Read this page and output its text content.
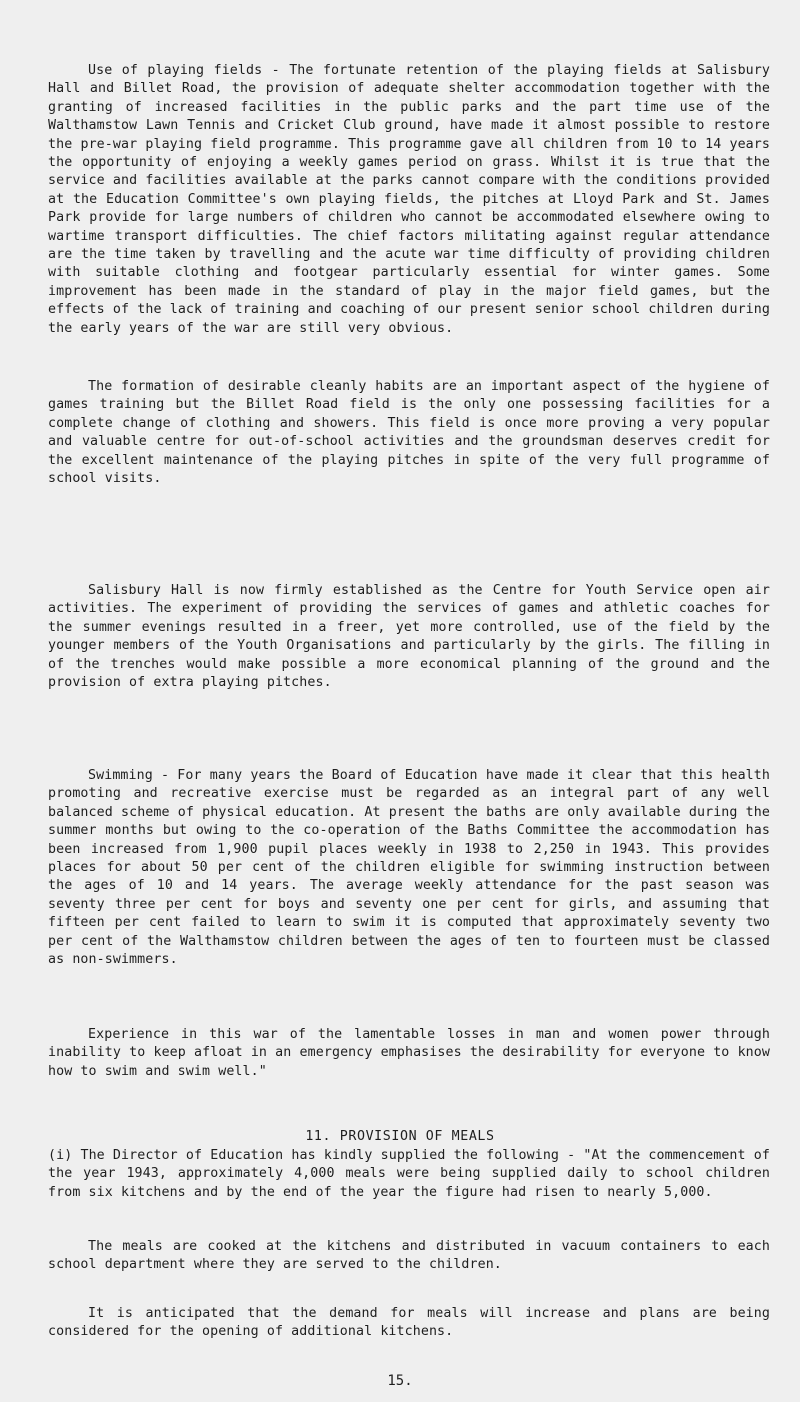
Use of playing fields - The fortunate retention of the playing fields at Salisbury Hall and Billet Road, the provision of adequate shelter accommodation together with the granting of increased facilities in the public parks and the part time use of the Walthamstow Lawn Tennis and Cricket Club ground, have made it almost possible to restore the pre-war playing field programme. This programme gave all children from 10 to 14 years the opportunity of enjoying a weekly games period on grass. Whilst it is true that the service and facilities available at the parks cannot compare with the conditions provided at the Education Committee's own playing fields, the pitches at Lloyd Park and St. James Park provide for large numbers of children who cannot be accommodated elsewhere owing to wartime transport difficulties. The chief factors militating against regular attendance are the time taken by travelling and the acute war time difficulty of providing children with suitable clothing and footgear particularly essential for winter games. Some improvement has been made in the standard of play in the major field games, but the effects of the lack of training and coaching of our present senior school children during the early years of the war are still very obvious.

The formation of desirable cleanly habits are an important aspect of the hygiene of games training but the Billet Road field is the only one possessing facilities for a complete change of clothing and showers. This field is once more proving a very popular and valuable centre for out-of-school activities and the groundsman deserves credit for the excellent maintenance of the playing pitches in spite of the very full programme of school visits.

Salisbury Hall is now firmly established as the Centre for Youth Service open air activities. The experiment of providing the services of games and athletic coaches for the summer evenings resulted in a freer, yet more controlled, use of the field by the younger members of the Youth Organisations and particularly by the girls. The filling in of the trenches would make possible a more economical planning of the ground and the provision of extra playing pitches.

Swimming - For many years the Board of Education have made it clear that this health promoting and recreative exercise must be regarded as an integral part of any well balanced scheme of physical education. At present the baths are only available during the summer months but owing to the co-operation of the Baths Committee the accommodation has been increased from 1,900 pupil places weekly in 1938 to 2,250 in 1943. This provides places for about 50 per cent of the children eligible for swimming instruction between the ages of 10 and 14 years. The average weekly attendance for the past season was seventy three per cent for boys and seventy one per cent for girls, and assuming that fifteen per cent failed to learn to swim it is computed that approximately seventy two per cent of the Walthamstow children between the ages of ten to fourteen must be classed as non-swimmers.

Experience in this war of the lamentable losses in man and women power through inability to keep afloat in an emergency emphasises the desirability for everyone to know how to swim and swim well."

11. PROVISION OF MEALS

(i) The Director of Education has kindly supplied the following - "At the commencement of the year 1943, approximately 4,000 meals were being supplied daily to school children from six kitchens and by the end of the year the figure had risen to nearly 5,000.

The meals are cooked at the kitchens and distributed in vacuum containers to each school department where they are served to the children.

It is anticipated that the demand for meals will increase and plans are being considered for the opening of additional kitchens.

15.
